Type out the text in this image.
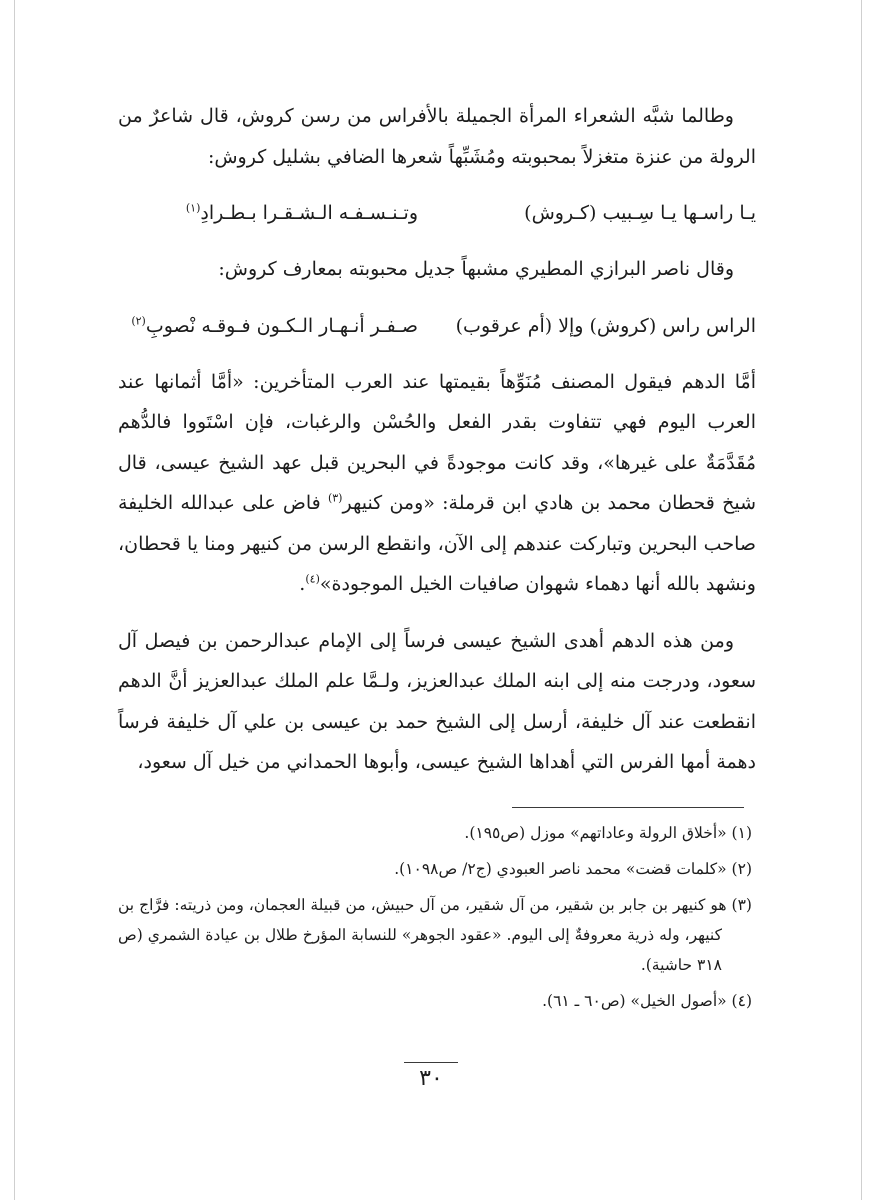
وطالما شبَّه الشعراء المرأة الجميلة بالأفراس من رسن كروش، قال شاعرٌ من الرولة من عنزة متغزلاً بمحبوبته ومُشَبِّهاً شعرها الضافي بشليل كروش:

يـا راسـها يـا سِـبيب (كـروش)
وتـنـسـفـه الـشـقـرا بـطـرادِ$^{(١)}$

وقال ناصر البرازي المطيري مشبهاً جديل محبوبته بمعارف كروش:

الراس راس (كروش) وإلا (أم عرقوب)
صـفـر أنـهـار الـكـون فـوقـه نْصوبِ$^{(٢)}$

أمَّا الدهم فيقول المصنف مُنَوِّهاً بقيمتها عند العرب المتأخرين: «أمَّا أثمانها عند العرب اليوم فهي تتفاوت بقدر الفعل والحُسْن والرغبات، فإن اسْتَووا فالدُّهم مُقَدَّمَةٌ على غيرها»، وقد كانت موجودةً في البحرين قبل عهد الشيخ عيسى، قال شيخ قحطان محمد بن هادي ابن قرملة: «ومن كنيهر$^{(٣)}$ فاض على عبدالله الخليفة صاحب البحرين وتباركت عندهم إلى الآن، وانقطع الرسن من كنيهر ومنا يا قحطان، ونشهد بالله أنها دهماء شهوان صافيات الخيل الموجودة»$^{(٤)}$.

ومن هذه الدهم أهدى الشيخ عيسى فرساً إلى الإمام عبدالرحمن بن فيصل آل سعود، ودرجت منه إلى ابنه الملك عبدالعزيز، ولـمَّا علم الملك عبدالعزيز أنَّ الدهم انقطعت عند آل خليفة، أرسل إلى الشيخ حمد بن عيسى بن علي آل خليفة فرساً دهمة أمها الفرس التي أهداها الشيخ عيسى، وأبوها الحمداني من خيل آل سعود،

(١) «أخلاق الرولة وعاداتهم» موزل (ص١٩٥).

(٢) «كلمات قضت» محمد ناصر العبودي (ج٢/ ص١٠٩٨).

(٣) هو كنيهر بن جابر بن شقير، من آل شقير، من آل حبيش، من قبيلة العجمان، ومن ذريته: فرَّاج بن كنيهر، وله ذرية معروفةٌ إلى اليوم. «عقود الجوهر» للنسابة المؤرخ طلال بن عيادة الشمري (ص ٣١٨ حاشية).

(٤) «أصول الخيل» (ص٦٠ ـ ٦١).

٣٠
